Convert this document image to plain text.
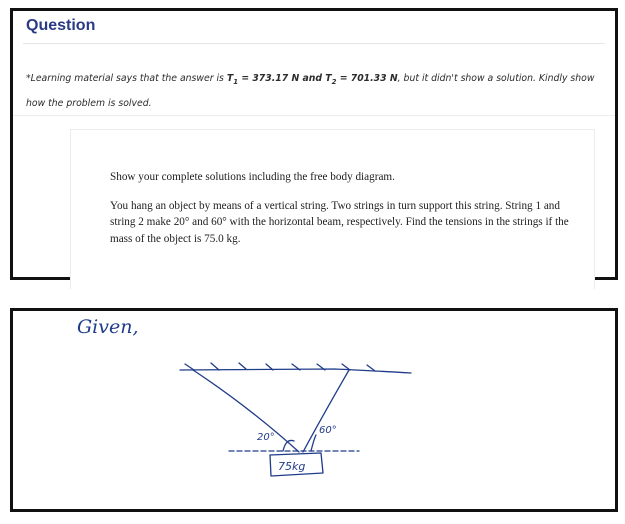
Question
*Learning material says that the answer is $T_1 = 373.17$ N and $T_2 = 701.33$ N, but it didn't show a solution. Kindly show how the problem is solved.

Show your complete solutions including the free body diagram.

You hang an object by means of a vertical string. Two strings in turn support this string. String 1 and string 2 make 20° and 60° with the horizontal beam, respectively. Find the tensions in the strings if the mass of the object is 75.0 kg.

Given,
20°
60°
75kg
